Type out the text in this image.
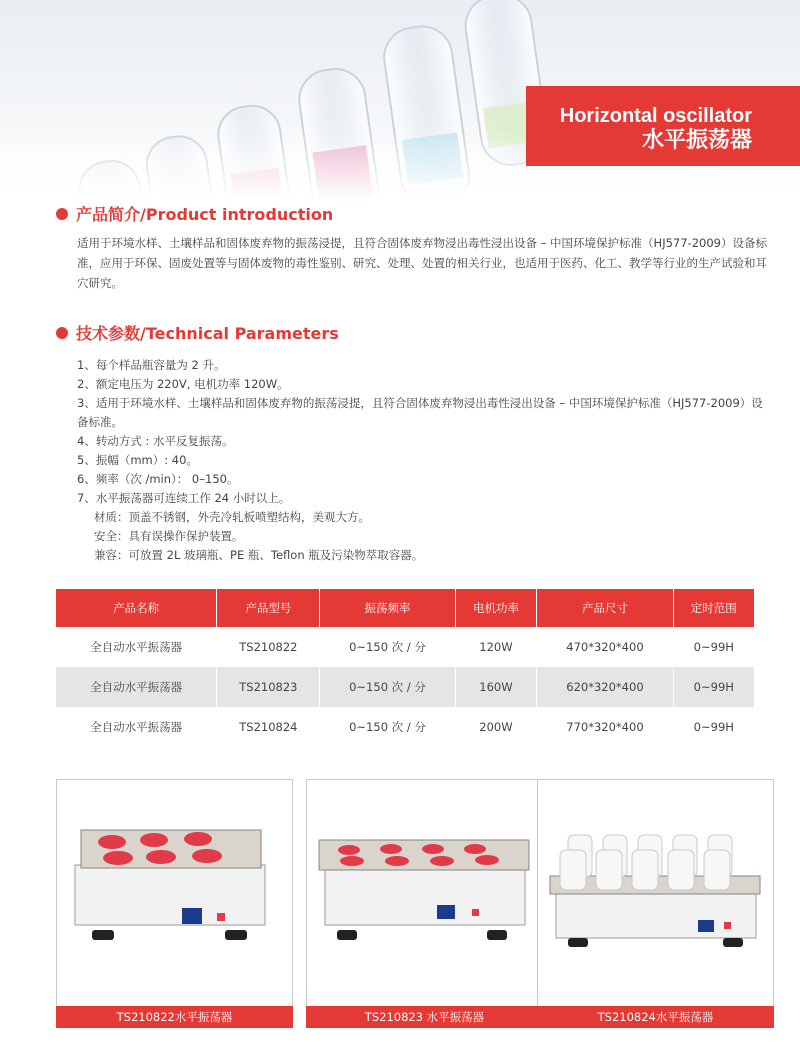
Horizontal oscillator
水平振荡器
产品简介/Product introduction
适用于环境水样、土壤样品和固体废弃物的振荡浸提，且符合固体废弃物浸出毒性浸出设备 – 中国环境保护标准（HJ577-2009）设备标准，应用于环保、固废处置等与固体废物的毒性鉴别、研究、处理、处置的相关行业，也适用于医药、化工、教学等行业的生产试验和耳穴研究。
技术参数/Technical Parameters
1、每个样品瓶容量为 2 升。
2、额定电压为 220V, 电机功率 120W。
3、适用于环境水样、土壤样品和固体废弃物的振荡浸提，且符合固体废弃物浸出毒性浸出设备 – 中国环境保护标准（HJ577-2009）设备标准。
4、转动方式 : 水平反复振荡。
5、振幅（mm）: 40。
6、频率（次 /min）： 0–150。
7、水平振荡器可连续工作 24 小时以上。
材质：顶盖不锈钢，外壳冷轧板喷塑结构，美观大方。
安全：具有误操作保护装置。
兼容：可放置 2L 玻璃瓶、PE 瓶、Teflon 瓶及污染物萃取容器。
产品名称	产品型号	振荡频率	电机功率	产品尺寸	定时范围
全自动水平振荡器	TS210822	0~150 次 / 分	120W	470*320*400	0~99H
全自动水平振荡器	TS210823	0~150 次 / 分	160W	620*320*400	0~99H
全自动水平振荡器	TS210824	0~150 次 / 分	200W	770*320*400	0~99H
TS210822水平振荡器	TS210823 水平振荡器	TS210824水平振荡器
